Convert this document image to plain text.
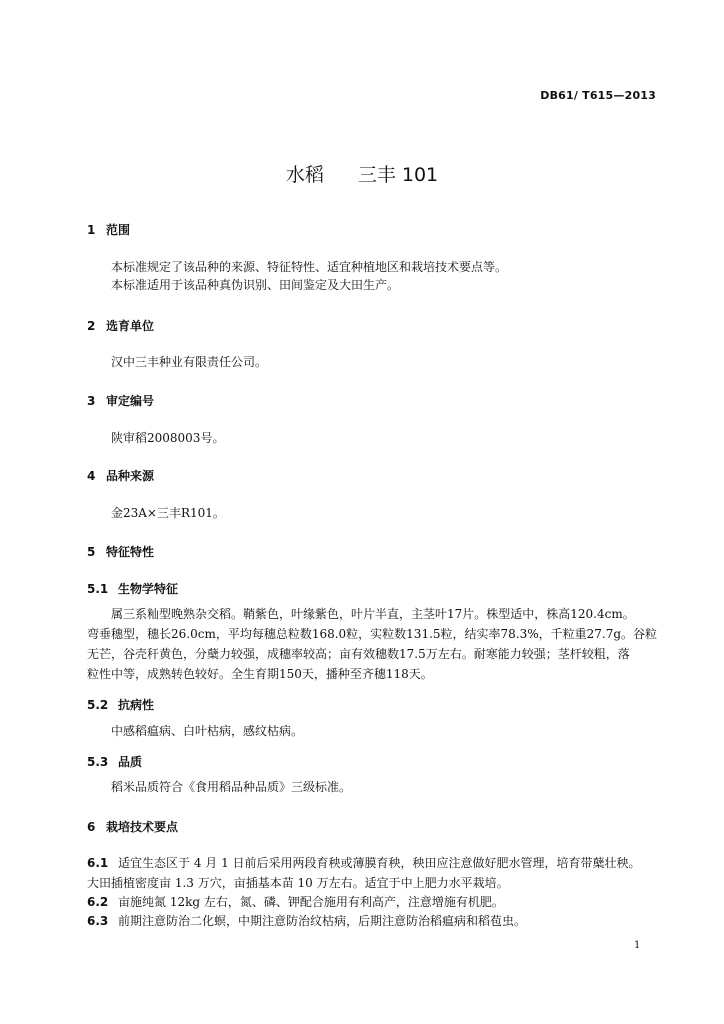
DB61/ T615—2013
水稻 三丰 101
1 范围
本标准规定了该品种的来源、特征特性、适宜种植地区和栽培技术要点等。
本标准适用于该品种真伪识别、田间鉴定及大田生产。
2 选育单位
汉中三丰种业有限责任公司。
3 审定编号
陕审稻2008003号。
4 品种来源
金23A×三丰R101。
5 特征特性
5.1 生物学特征
属三系籼型晚熟杂交稻。鞘紫色，叶缘紫色，叶片半直，主茎叶17片。株型适中，株高120.4cm。
弯垂穗型，穗长26.0cm，平均每穗总粒数168.0粒，实粒数131.5粒，结实率78.3%，千粒重27.7g。谷粒
无芒，谷壳秆黄色，分蘖力较强，成穗率较高；亩有效穗数17.5万左右。耐寒能力较强；茎杆较粗，落
粒性中等，成熟转色较好。全生育期150天，播种至齐穗118天。
5.2 抗病性
中感稻瘟病、白叶枯病，感纹枯病。
5.3 品质
稻米品质符合《食用稻品种品质》三级标准。
6 栽培技术要点
6.1 适宜生态区于 4 月 1 日前后采用两段育秧或薄膜育秧，秧田应注意做好肥水管理，培育带蘖壮秧。
大田插植密度亩 1.3 万穴，亩插基本苗 10 万左右。适宜于中上肥力水平栽培。
6.2 亩施纯氮 12kg 左右，氮、磷、钾配合施用有利高产，注意增施有机肥。
6.3 前期注意防治二化螟，中期注意防治纹枯病，后期注意防治稻瘟病和稻苞虫。
1
